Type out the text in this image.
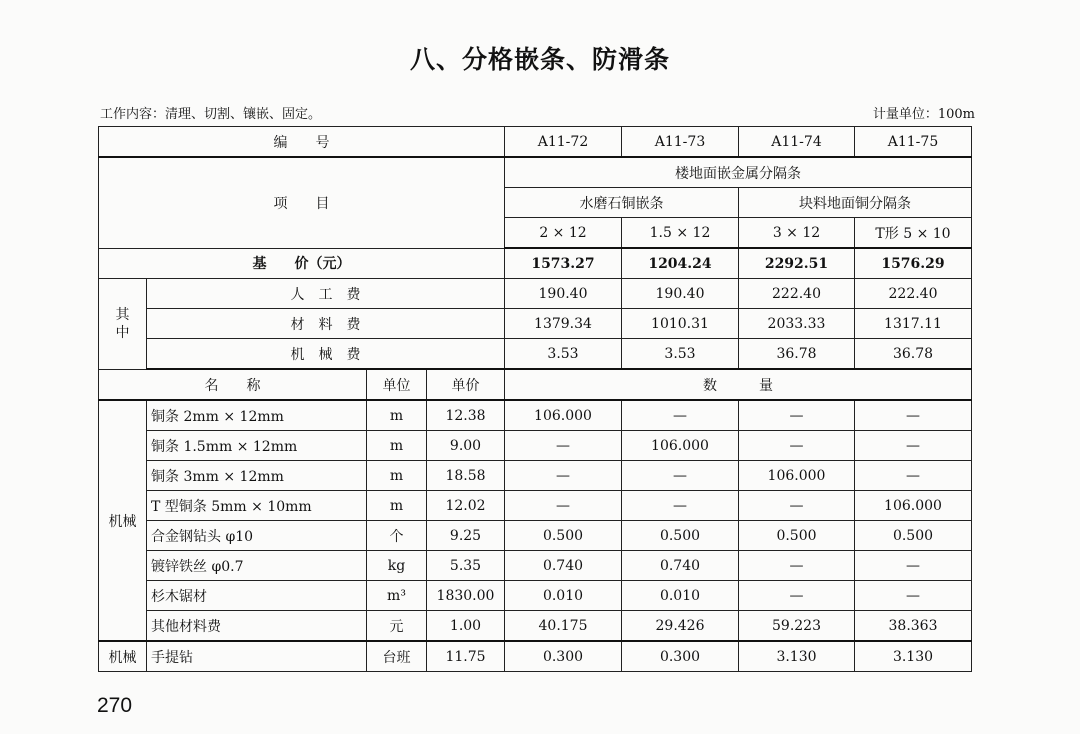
八、分格嵌条、防滑条
工作内容：清理、切割、镶嵌、固定。	计量单位：100m
编　　号				A11-72	A11-73	A11-74	A11-75
项　　目				楼地面嵌金属分隔条			
				水磨石铜嵌条		块料地面铜分隔条	
				2 × 12	1.5 × 12	3 × 12	T形 5 × 10
基　　价（元）				1573.27	1204.24	2292.51	1576.29
其
中	人　工　费			190.40	190.40	222.40	222.40
	材　料　费			1379.34	1010.31	2033.33	1317.11
	机　械　费			3.53	3.53	36.78	36.78
名　　称		单位	单价	数　　　量			
机械	铜条 2mm × 12mm	m	12.38	106.000	—	—	—
	铜条 1.5mm × 12mm	m	9.00	—	106.000	—	—
	铜条 3mm × 12mm	m	18.58	—	—	106.000	—
	T 型铜条 5mm × 10mm	m	12.02	—	—	—	106.000
	合金钢钻头 φ10	个	9.25	0.500	0.500	0.500	0.500
	镀锌铁丝 φ0.7	kg	5.35	0.740	0.740	—	—
	杉木锯材	m³	1830.00	0.010	0.010	—	—
	其他材料费	元	1.00	40.175	29.426	59.223	38.363
机械	手提钻	台班	11.75	0.300	0.300	3.130	3.130
270
